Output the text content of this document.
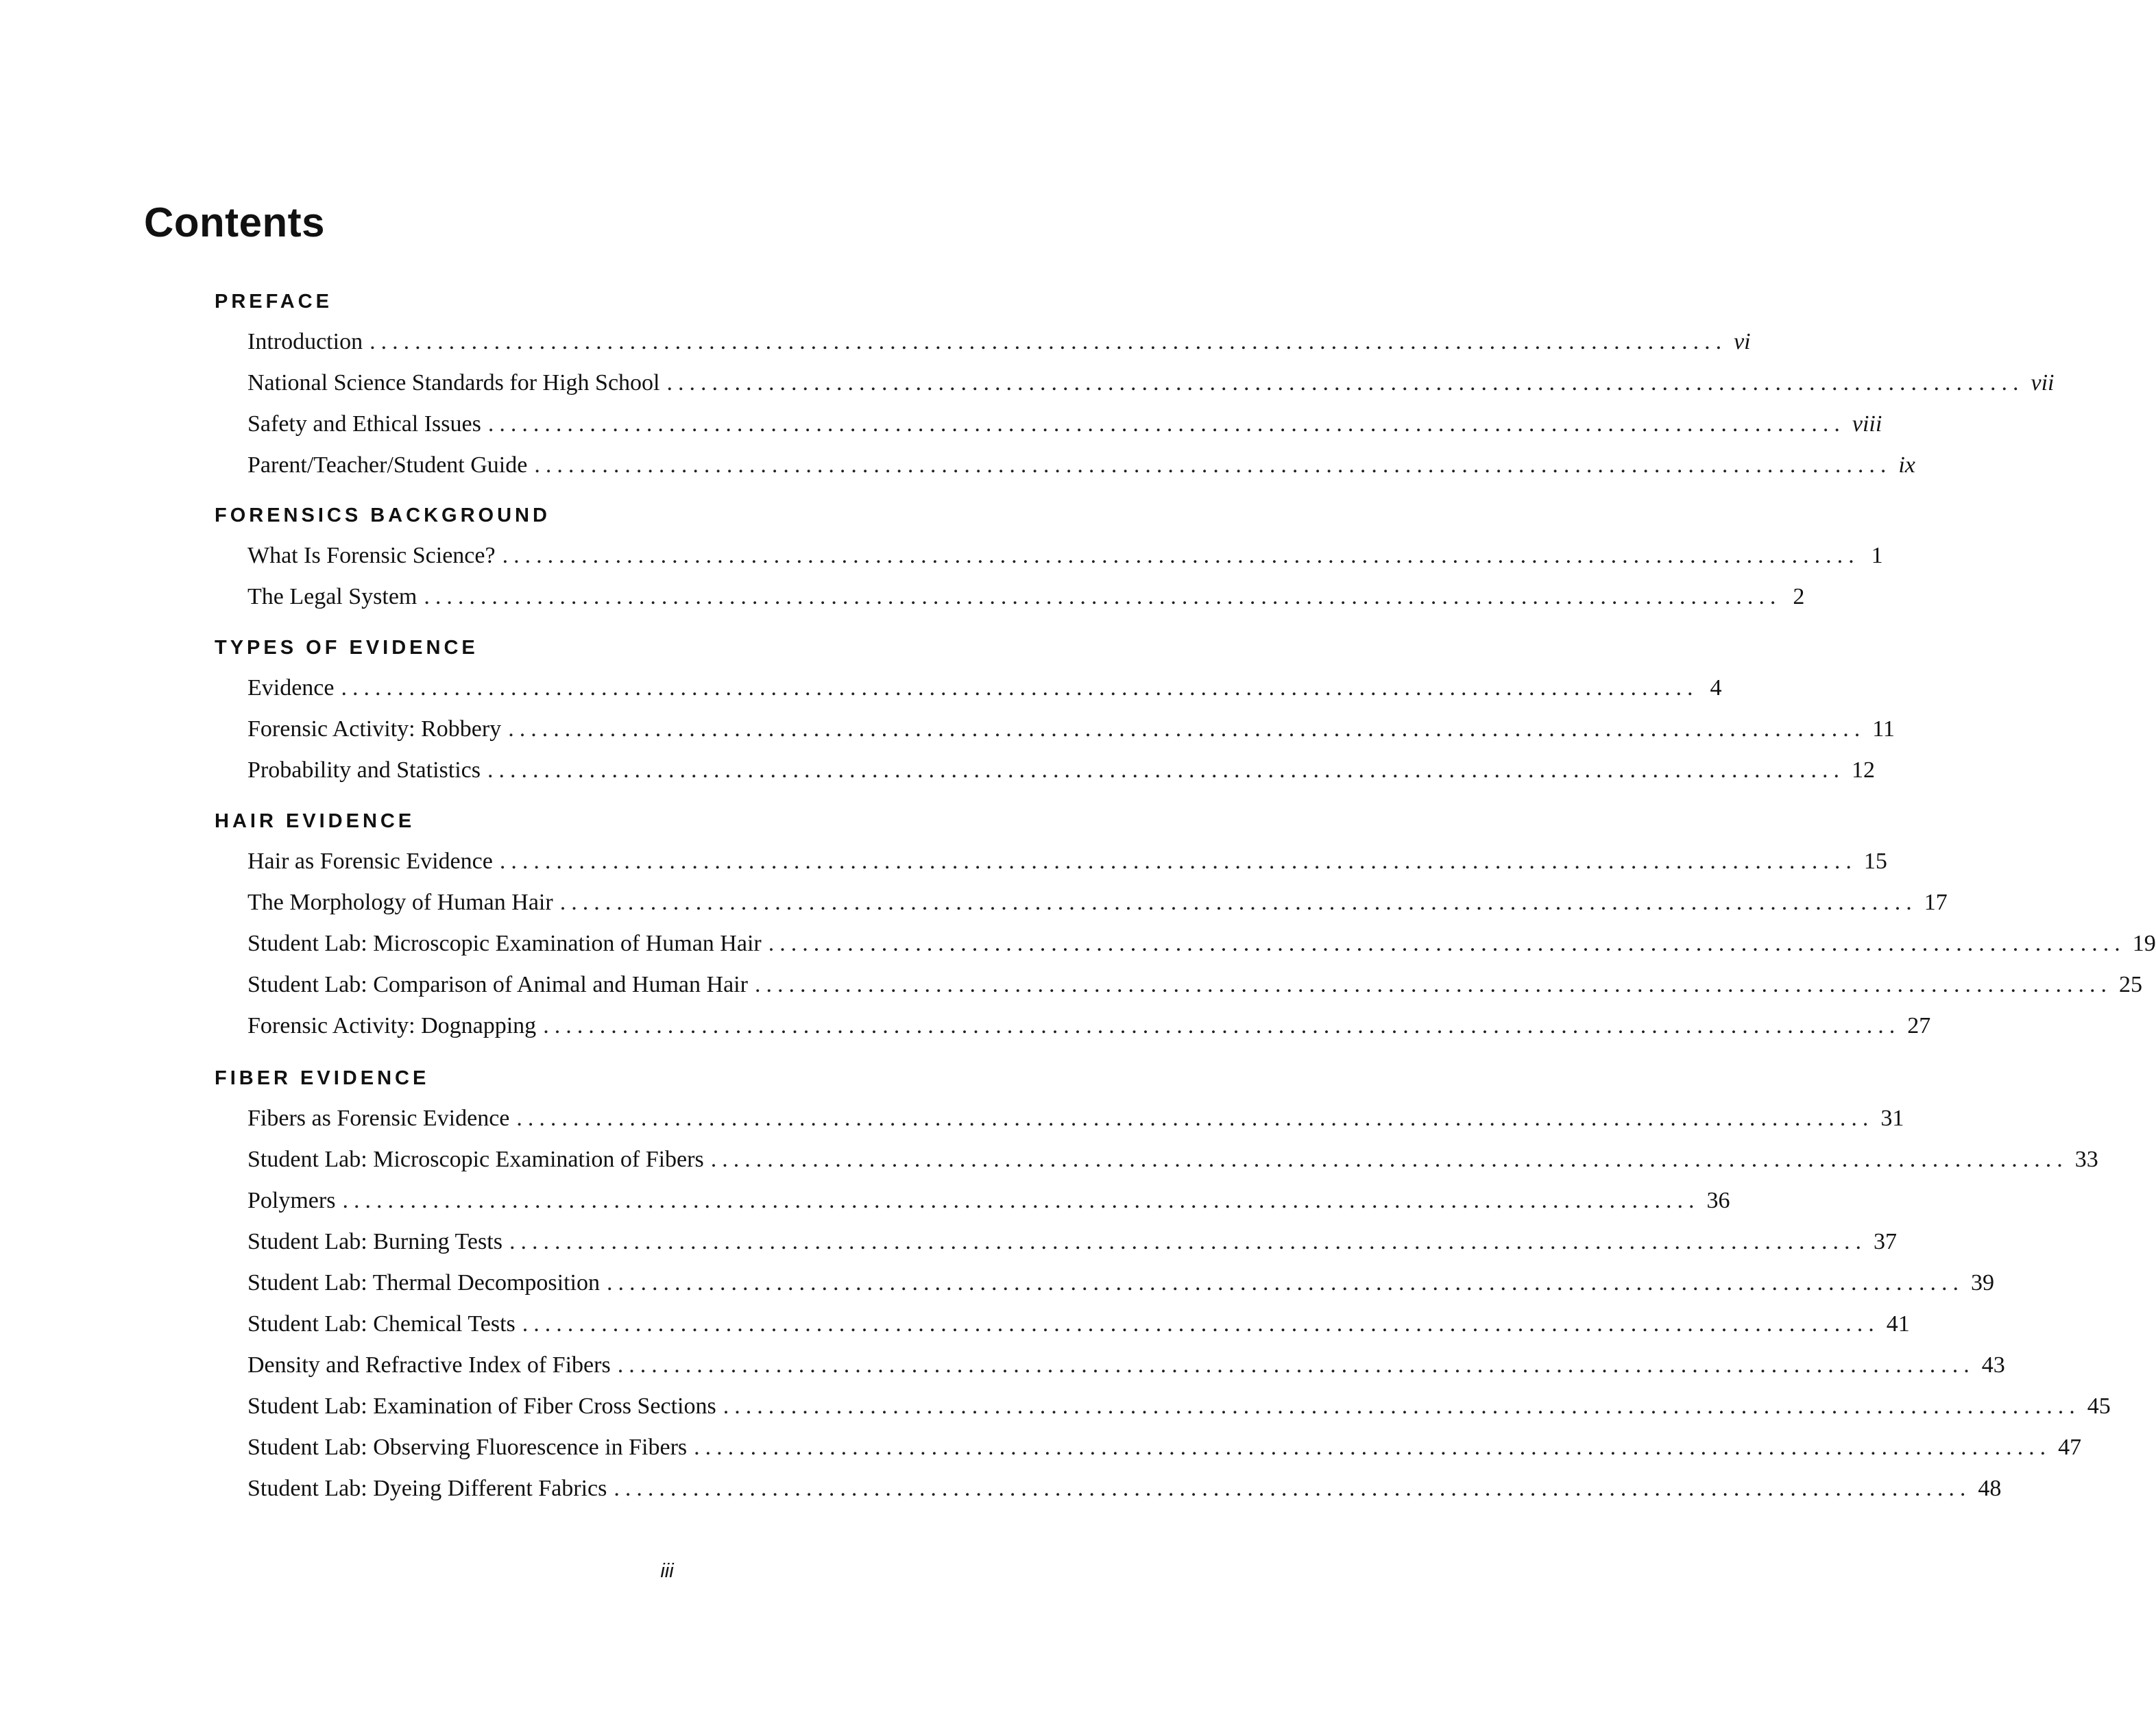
Contents
PREFACE
Introduction ........................................................................................................................ vi
National Science Standards for High School ........................................................................................................................ vii
Safety and Ethical Issues ........................................................................................................................ viii
Parent/Teacher/Student Guide ........................................................................................................................ ix
FORENSICS BACKGROUND
What Is Forensic Science? ........................................................................................................................ 1
The Legal System ........................................................................................................................ 2
TYPES OF EVIDENCE
Evidence ........................................................................................................................ 4
Forensic Activity: Robbery ........................................................................................................................ 11
Probability and Statistics ........................................................................................................................ 12
HAIR EVIDENCE
Hair as Forensic Evidence ........................................................................................................................ 15
The Morphology of Human Hair ........................................................................................................................ 17
Student Lab: Microscopic Examination of Human Hair ........................................................................................................................ 19
Student Lab: Comparison of Animal and Human Hair ........................................................................................................................ 25
Forensic Activity: Dognapping ........................................................................................................................ 27
FIBER EVIDENCE
Fibers as Forensic Evidence ........................................................................................................................ 31
Student Lab: Microscopic Examination of Fibers ........................................................................................................................ 33
Polymers ........................................................................................................................ 36
Student Lab: Burning Tests ........................................................................................................................ 37
Student Lab: Thermal Decomposition ........................................................................................................................ 39
Student Lab: Chemical Tests ........................................................................................................................ 41
Density and Refractive Index of Fibers ........................................................................................................................ 43
Student Lab: Examination of Fiber Cross Sections ........................................................................................................................ 45
Student Lab: Observing Fluorescence in Fibers ........................................................................................................................ 47
Student Lab: Dyeing Different Fabrics ........................................................................................................................ 48
iii
